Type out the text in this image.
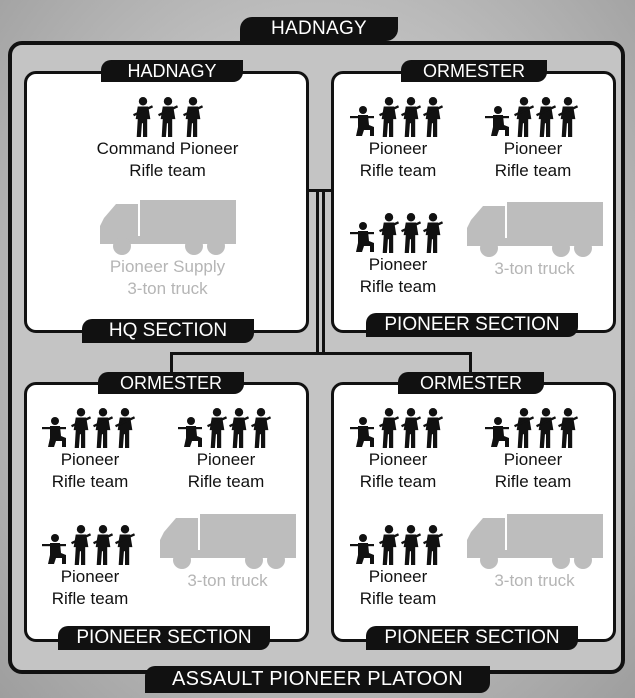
HADNAGY
ASSAULT PIONEER PLATOON
HADNAGY
HQ SECTION
Command Pioneer
Rifle team
Pioneer Supply
3-ton truck
ORMESTER
PIONEER SECTION
Pioneer
Rifle team
Pioneer
Rifle team
Pioneer
Rifle team
3-ton truck
ORMESTER
PIONEER SECTION
Pioneer
Rifle team
Pioneer
Rifle team
Pioneer
Rifle team
3-ton truck
ORMESTER
PIONEER SECTION
Pioneer
Rifle team
Pioneer
Rifle team
Pioneer
Rifle team
3-ton truck
